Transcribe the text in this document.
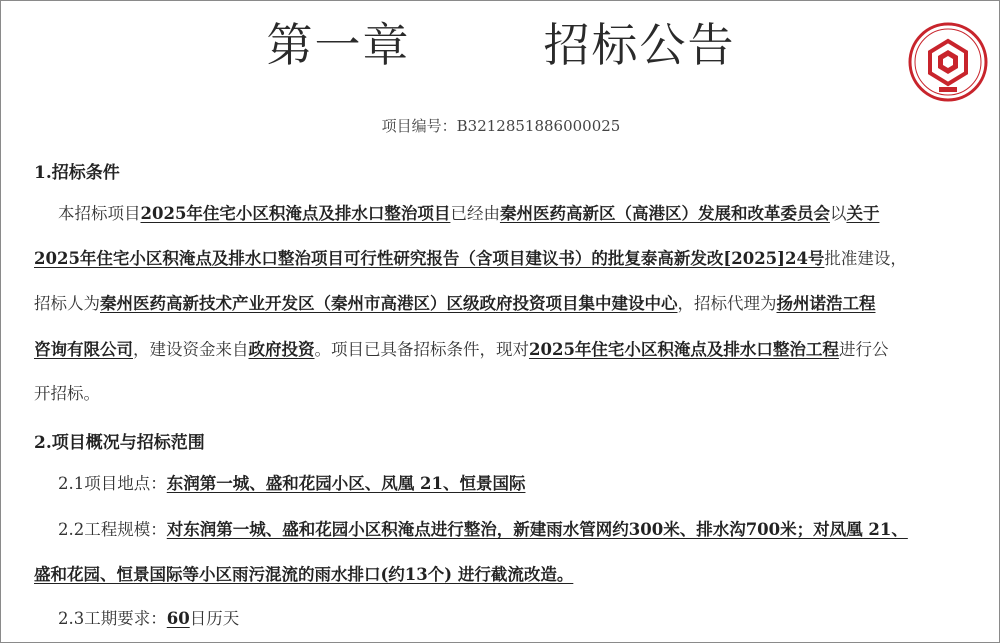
第一章        招标公告
项目编号：B3212851886000025
1.招标条件
本招标项目2025年住宅小区积淹点及排水口整治项目已经由秦州医药高新区（高港区）发展和改革委员会以关于
2025年住宅小区积淹点及排水口整治项目可行性研究报告（含项目建议书）的批复泰高新发改[2025]24号批准建设，
招标人为秦州医药高新技术产业开发区（秦州市高港区）区级政府投资项目集中建设中心，招标代理为扬州诺浩工程
咨询有限公司，建设资金来自政府投资。项目已具备招标条件，现对2025年住宅小区积淹点及排水口整治工程进行公
开招标。
2.项目概况与招标范围
2.1项目地点：东润第一城、盛和花园小区、凤凰 21、恒景国际
2.2工程规模：对东润第一城、盛和花园小区积淹点进行整治，新建雨水管网约300米、排水沟700米；对凤凰 21、
盛和花园、恒景国际等小区雨污混流的雨水排口(约13个) 进行截流改造。
2.3工期要求：60日历天
